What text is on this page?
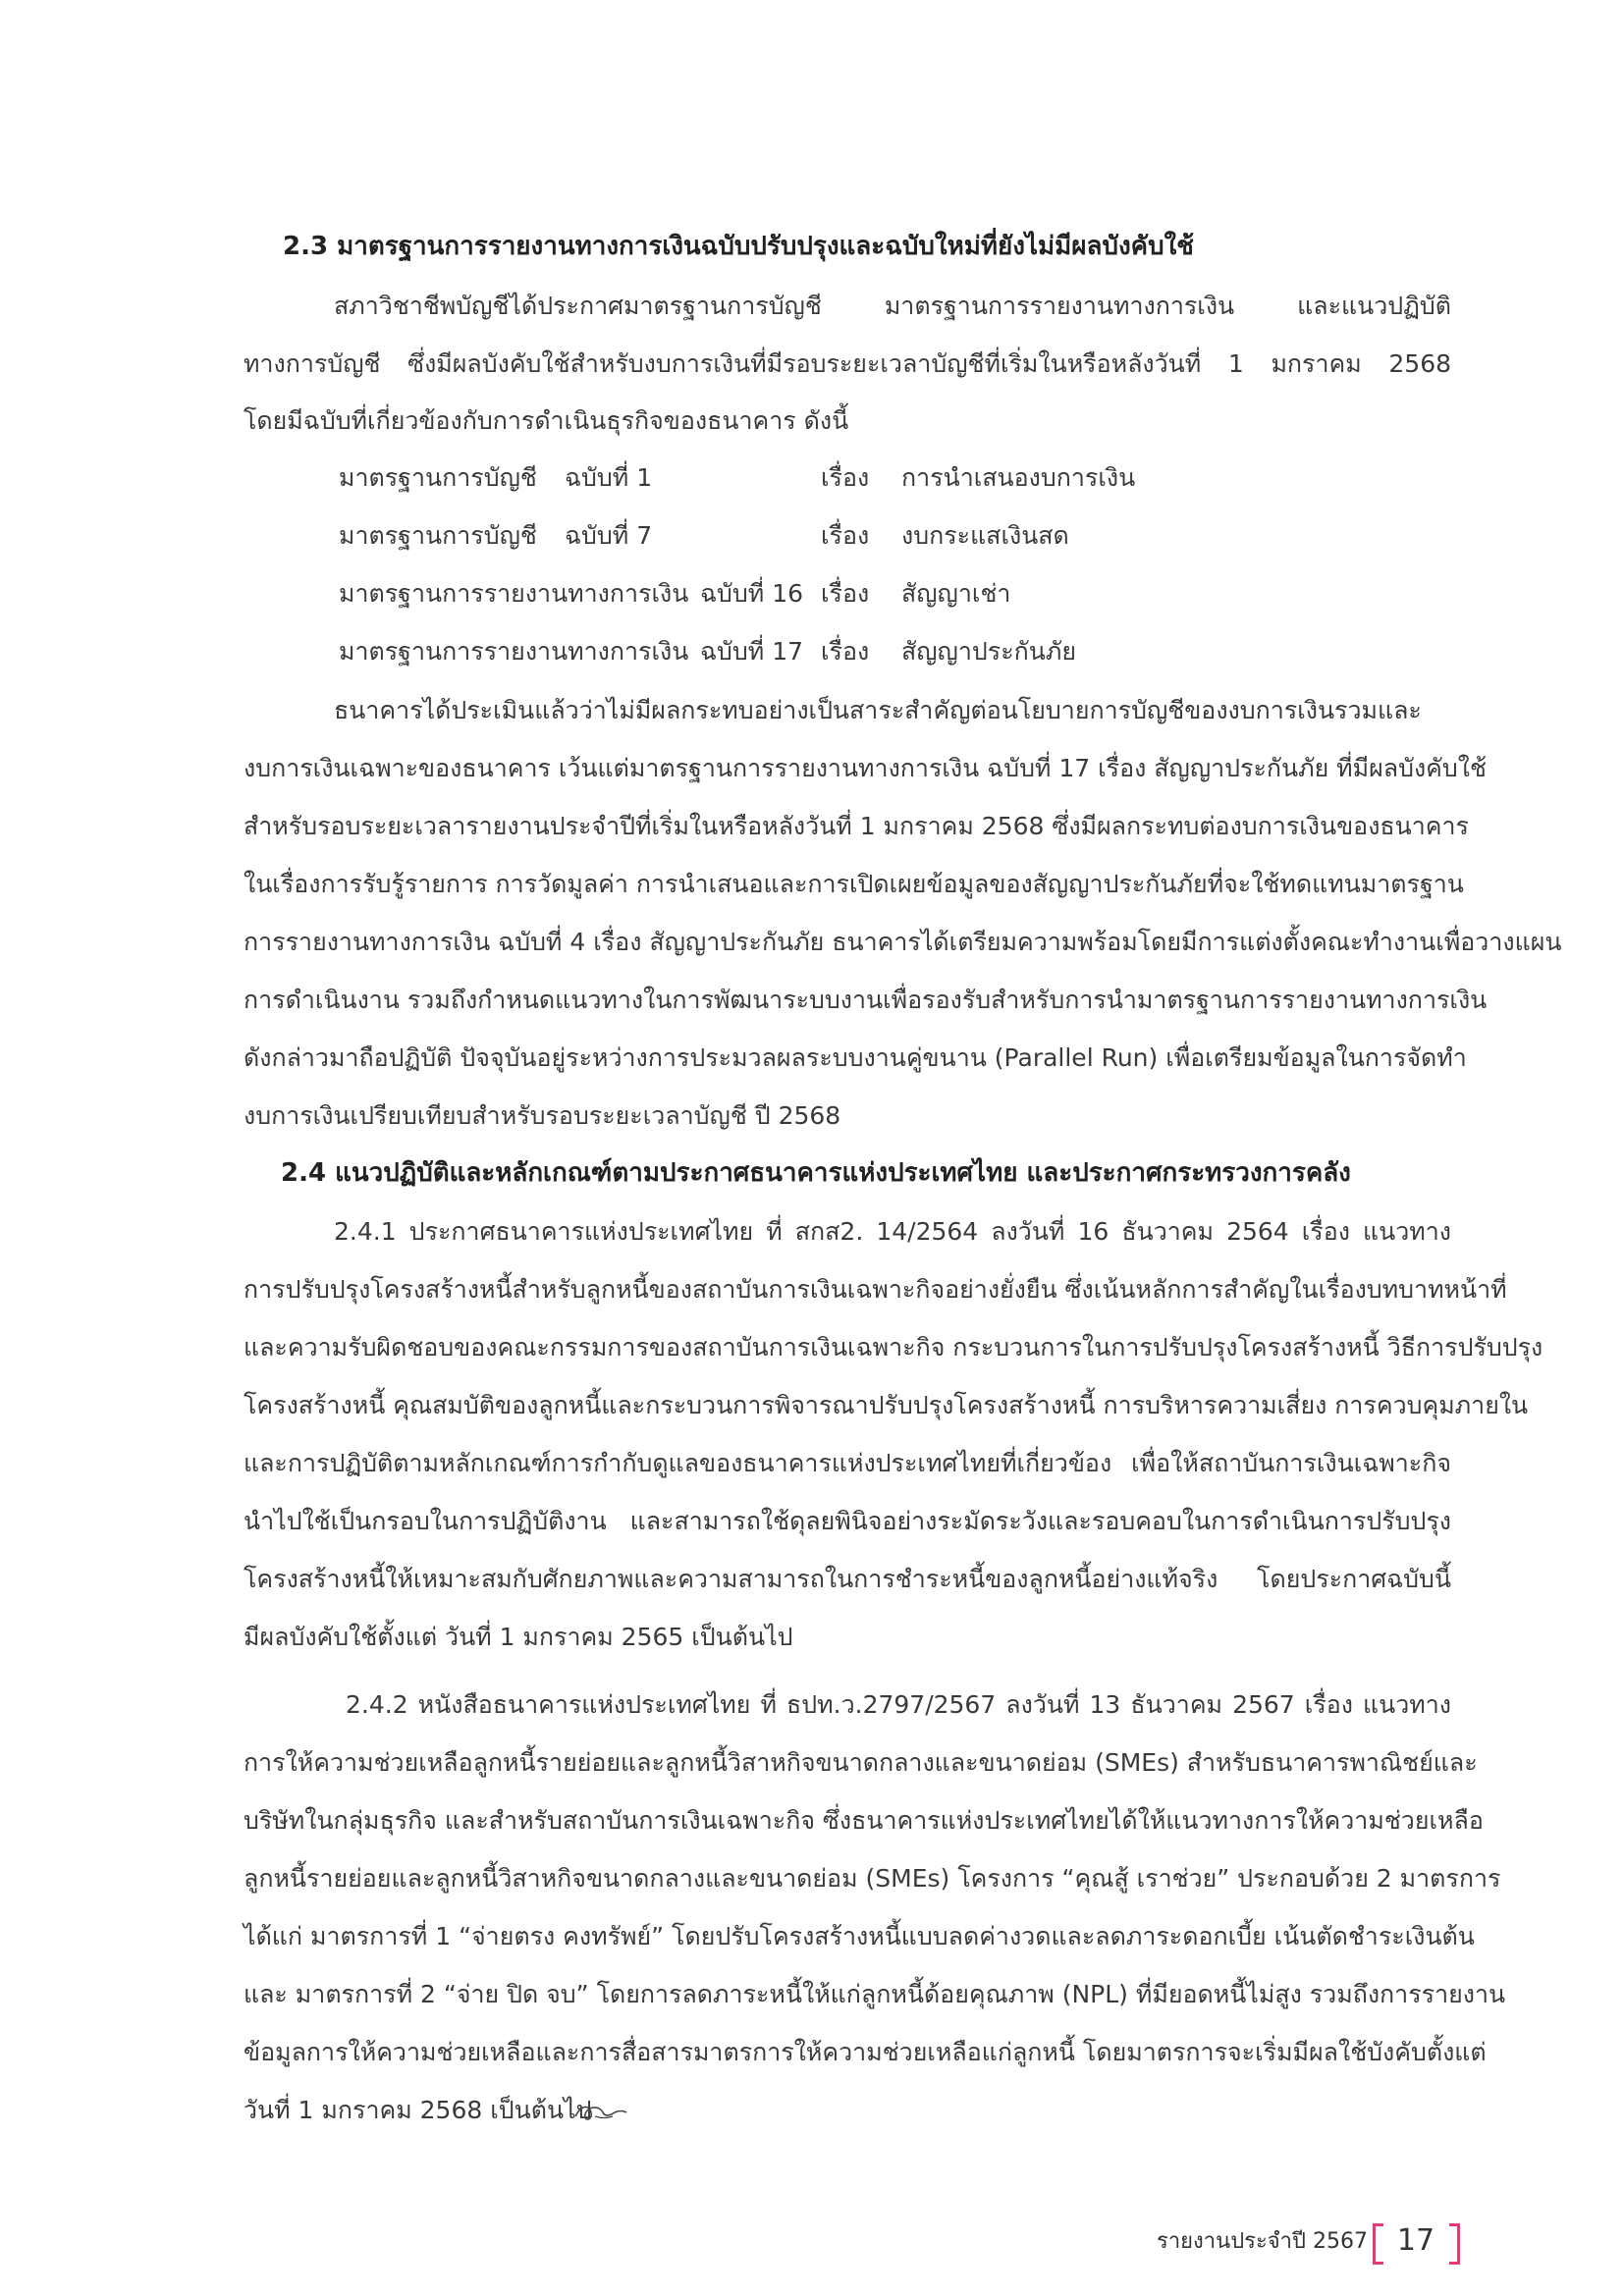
2.3 มาตรฐานการรายงานทางการเงินฉบับปรับปรุงและฉบับใหม่ที่ยังไม่มีผลบังคับใช้
สภาวิชาชีพบัญชีได้ประกาศมาตรฐานการบัญชี มาตรฐานการรายงานทางการเงิน และแนวปฏิบัติ
ทางการบัญชี ซึ่งมีผลบังคับใช้สำหรับงบการเงินที่มีรอบระยะเวลาบัญชีที่เริ่มในหรือหลังวันที่ 1 มกราคม 2568
โดยมีฉบับที่เกี่ยวข้องกับการดำเนินธุรกิจของธนาคาร ดังนี้
มาตรฐานการบัญชี ฉบับที่ 1	เรื่อง การนำเสนองบการเงิน
มาตรฐานการบัญชี ฉบับที่ 7	เรื่อง งบกระแสเงินสด
มาตรฐานการรายงานทางการเงิน ฉบับที่ 16 เรื่อง สัญญาเช่า
มาตรฐานการรายงานทางการเงิน ฉบับที่ 17 เรื่อง สัญญาประกันภัย
ธนาคารได้ประเมินแล้วว่าไม่มีผลกระทบอย่างเป็นสาระสำคัญต่อนโยบายการบัญชีของงบการเงินรวมและ
งบการเงินเฉพาะของธนาคาร เว้นแต่มาตรฐานการรายงานทางการเงิน ฉบับที่ 17 เรื่อง สัญญาประกันภัย ที่มีผลบังคับใช้
สำหรับรอบระยะเวลารายงานประจำปีที่เริ่มในหรือหลังวันที่ 1 มกราคม 2568 ซึ่งมีผลกระทบต่องบการเงินของธนาคาร
ในเรื่องการรับรู้รายการ การวัดมูลค่า การนำเสนอและการเปิดเผยข้อมูลของสัญญาประกันภัยที่จะใช้ทดแทนมาตรฐาน
การรายงานทางการเงิน ฉบับที่ 4 เรื่อง สัญญาประกันภัย ธนาคารได้เตรียมความพร้อมโดยมีการแต่งตั้งคณะทำงานเพื่อวางแผน
การดำเนินงาน รวมถึงกำหนดแนวทางในการพัฒนาระบบงานเพื่อรองรับสำหรับการนำมาตรฐานการรายงานทางการเงิน
ดังกล่าวมาถือปฏิบัติ ปัจจุบันอยู่ระหว่างการประมวลผลระบบงานคู่ขนาน (Parallel Run) เพื่อเตรียมข้อมูลในการจัดทำ
งบการเงินเปรียบเทียบสำหรับรอบระยะเวลาบัญชี ปี 2568
2.4 แนวปฏิบัติและหลักเกณฑ์ตามประกาศธนาคารแห่งประเทศไทย และประกาศกระทรวงการคลัง
2.4.1 ประกาศธนาคารแห่งประเทศไทย ที่ สกส2. 14/2564 ลงวันที่ 16 ธันวาคม 2564 เรื่อง แนวทาง
การปรับปรุงโครงสร้างหนี้สำหรับลูกหนี้ของสถาบันการเงินเฉพาะกิจอย่างยั่งยืน ซึ่งเน้นหลักการสำคัญในเรื่องบทบาทหน้าที่
และความรับผิดชอบของคณะกรรมการของสถาบันการเงินเฉพาะกิจ กระบวนการในการปรับปรุงโครงสร้างหนี้ วิธีการปรับปรุง
โครงสร้างหนี้ คุณสมบัติของลูกหนี้และกระบวนการพิจารณาปรับปรุงโครงสร้างหนี้ การบริหารความเสี่ยง การควบคุมภายใน
และการปฏิบัติตามหลักเกณฑ์การกำกับดูแลของธนาคารแห่งประเทศไทยที่เกี่ยวข้อง เพื่อให้สถาบันการเงินเฉพาะกิจ
นำไปใช้เป็นกรอบในการปฏิบัติงาน และสามารถใช้ดุลยพินิจอย่างระมัดระวังและรอบคอบในการดำเนินการปรับปรุง
โครงสร้างหนี้ให้เหมาะสมกับศักยภาพและความสามารถในการชำระหนี้ของลูกหนี้อย่างแท้จริง โดยประกาศฉบับนี้
มีผลบังคับใช้ตั้งแต่ วันที่ 1 มกราคม 2565 เป็นต้นไป
2.4.2 หนังสือธนาคารแห่งประเทศไทย ที่ ธปท.ว.2797/2567 ลงวันที่ 13 ธันวาคม 2567 เรื่อง แนวทาง
การให้ความช่วยเหลือลูกหนี้รายย่อยและลูกหนี้วิสาหกิจขนาดกลางและขนาดย่อม (SMEs) สำหรับธนาคารพาณิชย์และ
บริษัทในกลุ่มธุรกิจ และสำหรับสถาบันการเงินเฉพาะกิจ ซึ่งธนาคารแห่งประเทศไทยได้ให้แนวทางการให้ความช่วยเหลือ
ลูกหนี้รายย่อยและลูกหนี้วิสาหกิจขนาดกลางและขนาดย่อม (SMEs) โครงการ “คุณสู้ เราช่วย” ประกอบด้วย 2 มาตรการ
ได้แก่ มาตรการที่ 1 “จ่ายตรง คงทรัพย์” โดยปรับโครงสร้างหนี้แบบลดค่างวดและลดภาระดอกเบี้ย เน้นตัดชำระเงินต้น
และ มาตรการที่ 2 “จ่าย ปิด จบ” โดยการลดภาระหนี้ให้แก่ลูกหนี้ด้อยคุณภาพ (NPL) ที่มียอดหนี้ไม่สูง รวมถึงการรายงาน
ข้อมูลการให้ความช่วยเหลือและการสื่อสารมาตรการให้ความช่วยเหลือแก่ลูกหนี้ โดยมาตรการจะเริ่มมีผลใช้บังคับตั้งแต่
วันที่ 1 มกราคม 2568 เป็นต้นไป
รายงานประจำปี 2567 17
